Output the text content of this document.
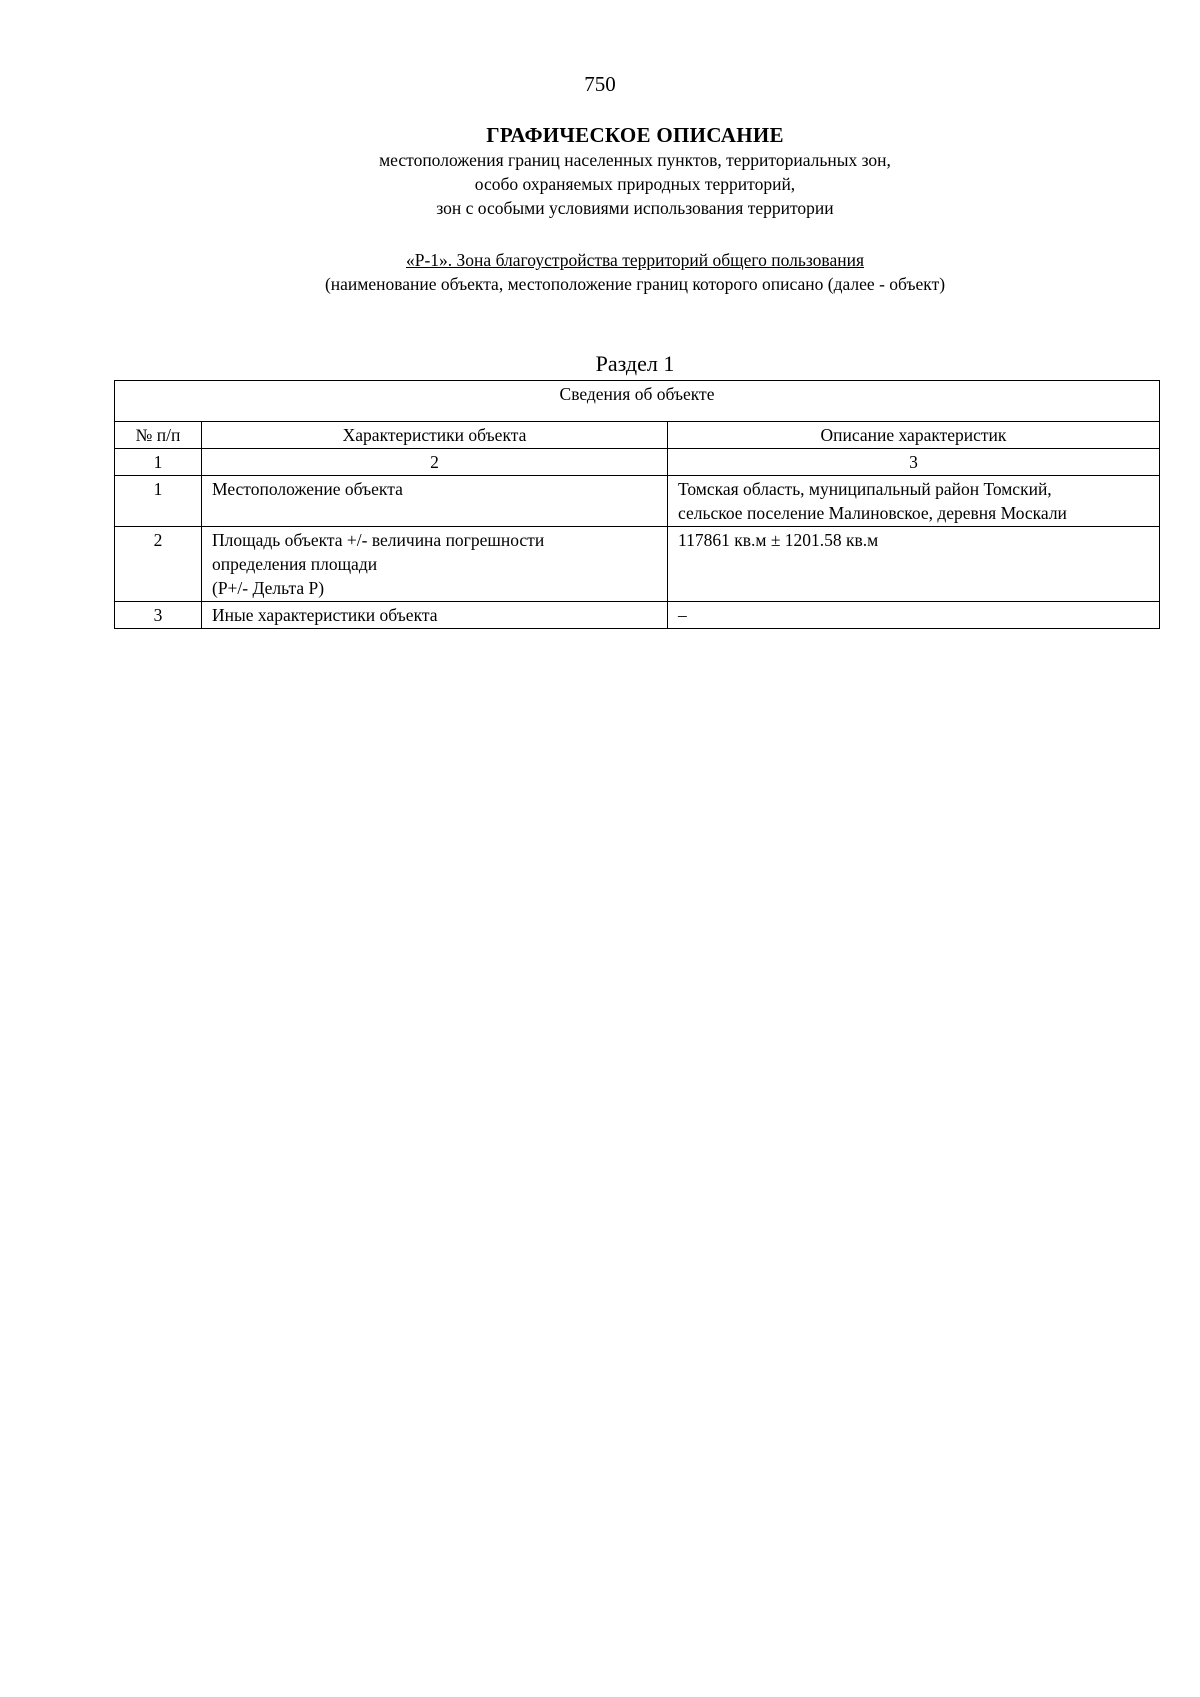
750

ГРАФИЧЕСКОЕ ОПИСАНИЕ

местоположения границ населенных пунктов, территориальных зон,

особо охраняемых природных территорий,

зон с особыми условиями использования территории

«Р-1». Зона благоустройства территорий общего пользования

(наименование объекта, местоположение границ которого описано (далее - объект)

Раздел 1
Сведения об объекте		
№ п/п	Характеристики объекта	Описание характеристик
1	2	3
1	Местоположение объекта	Томская область, муниципальный район Томский,
сельское поселение Малиновское, деревня Москали

2	Площадь объекта +/- величина погрешности
определения площади
(Р+/- Дельта Р)	117861 кв.м ± 1201.58 кв.м

3	Иные характеристики объекта	–
